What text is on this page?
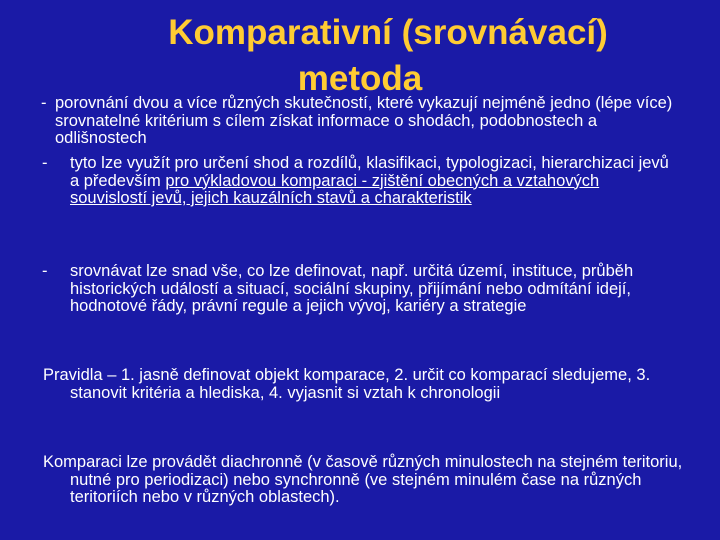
- porovnání dvou a více různých skutečností, které vykazují nejméně jedno (lépe více) srovnatelné kritérium s cílem získat informace o shodách, podobnostech a odlišnostech

- tyto lze využít pro určení shod a rozdílů, klasifikaci, typologizaci, hierarchizaci jevů a především pro výkladovou komparaci - zjištění obecných a vztahových souvislostí jevů, jejich kauzálních stavů a charakteristik

- srovnávat lze snad vše, co lze definovat, např. určitá území, instituce, průběh historických událostí a situací, sociální skupiny, přijímání nebo odmítání idejí, hodnotové řády, právní regule a jejich vývoj, kariéry a strategie

Pravidla – 1. jasně definovat objekt komparace, 2. určit co komparací sledujeme, 3. stanovit kritéria a hlediska, 4. vyjasnit si vztah k chronologii

Komparaci lze provádět diachronně (v časově různých minulostech na stejném teritoriu, nutné pro periodizaci) nebo synchronně (ve stejném minulém čase na různých teritoriích nebo v různých oblastech).

Komparativní (srovnávací)
metoda
